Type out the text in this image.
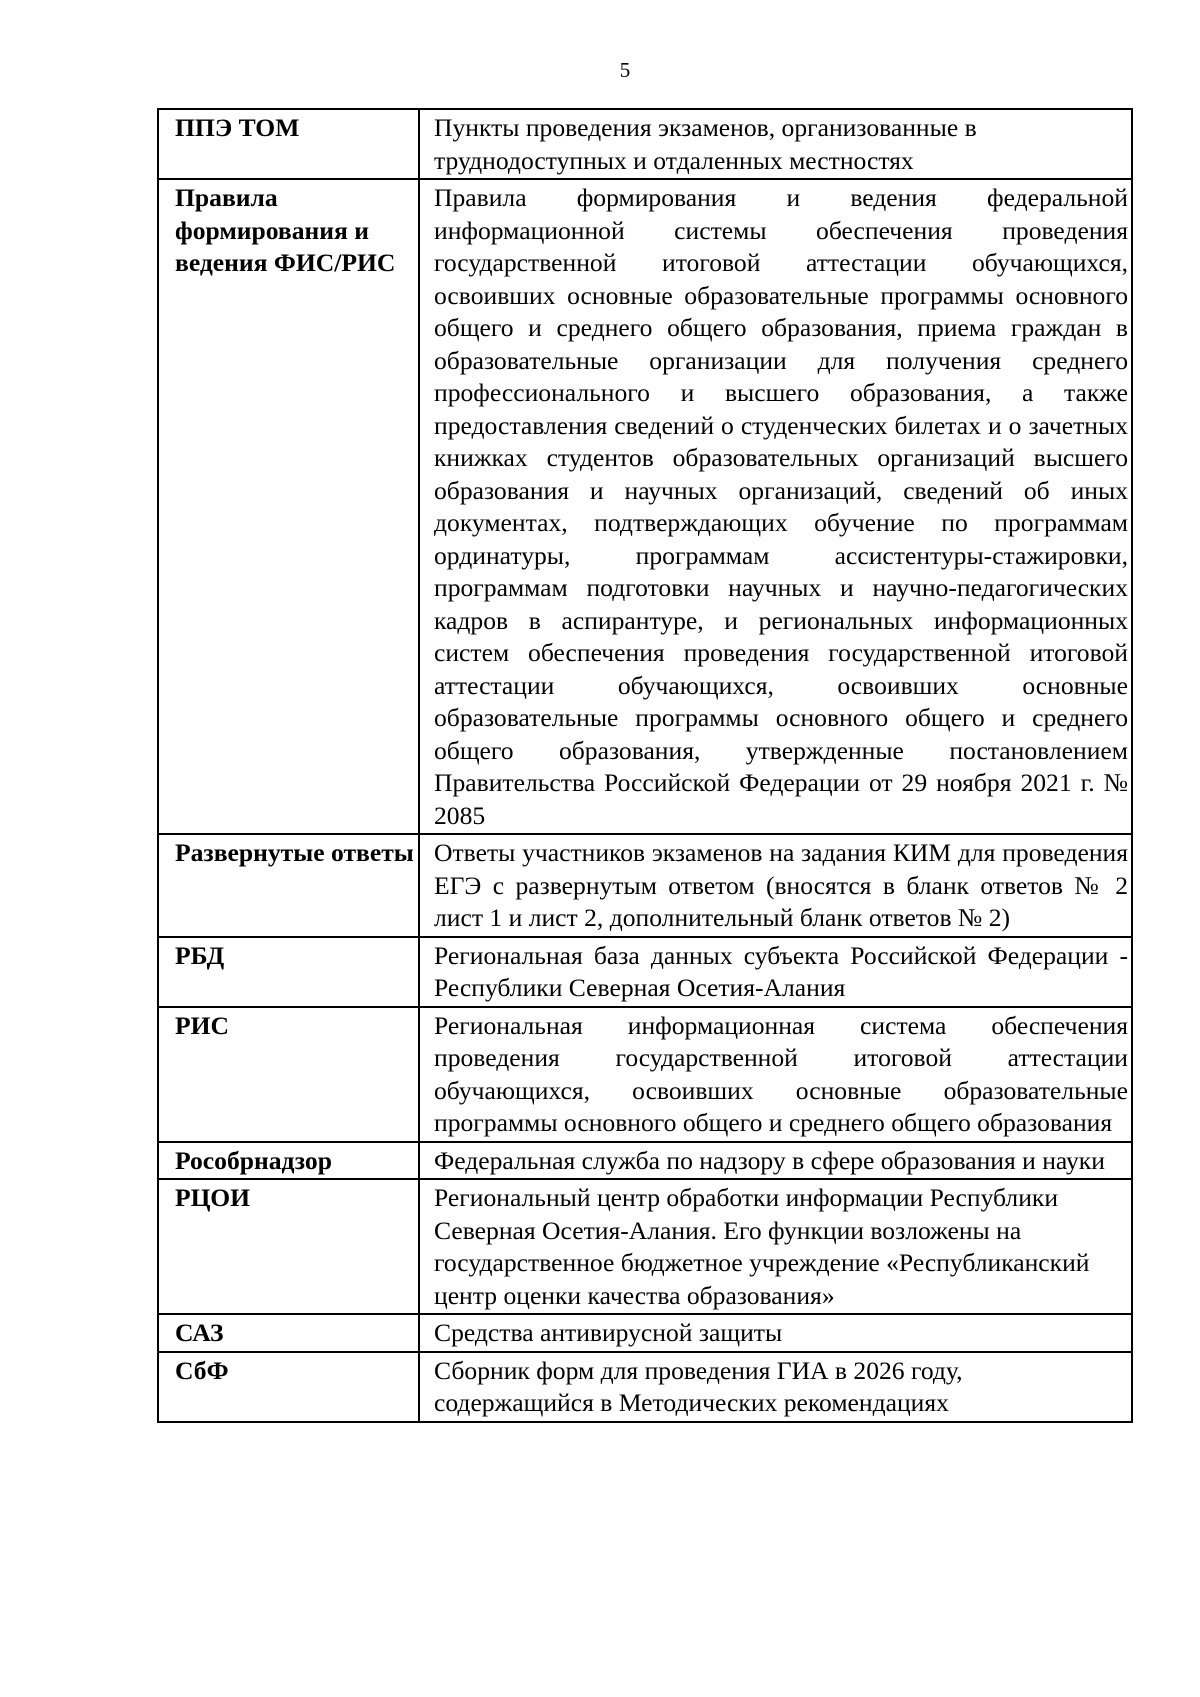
5
ППЭ ТОМ	Пункты проведения экзаменов, организованные в труднодоступных и отдаленных местностях
Правила формирования и ведения ФИС/РИС	Правила формирования и ведения федеральной информационной системы обеспечения проведения государственной итоговой аттестации обучающихся, освоивших основные образовательные программы основного общего и среднего общего образования, приема граждан в образовательные организации для получения среднего профессионального и высшего образования, а также предоставления сведений о студенческих билетах и о зачетных книжках студентов образовательных организаций высшего образования и научных организаций, сведений об иных документах, подтверждающих обучение по программам ординатуры, программам ассистентуры-стажировки, программам подготовки научных и научно-педагогических кадров в аспирантуре, и региональных информационных систем обеспечения проведения государственной итоговой аттестации обучающихся, освоивших основные образовательные программы основного общего и среднего общего образования, утвержденные постановлением Правительства Российской Федерации от 29 ноября 2021 г. № 2085
Развернутые ответы	Ответы участников экзаменов на задания КИМ для проведения ЕГЭ с развернутым ответом (вносятся в бланк ответов № 2 лист 1 и лист 2, дополнительный бланк ответов № 2)
РБД	Региональная база данных субъекта Российской Федерации - Республики Северная Осетия-Алания
РИС	Региональная информационная система обеспечения проведения государственной итоговой аттестации обучающихся, освоивших основные образовательные программы основного общего и среднего общего образования
Рособрнадзор	Федеральная служба по надзору в сфере образования и науки
РЦОИ	Региональный центр обработки информации Республики Северная Осетия-Алания. Его функции возложены на государственное бюджетное учреждение «Республиканский центр оценки качества образования»
САЗ	Средства антивирусной защиты
СбФ	Сборник форм для проведения ГИА в 2026 году, содержащийся в Методических рекомендациях
